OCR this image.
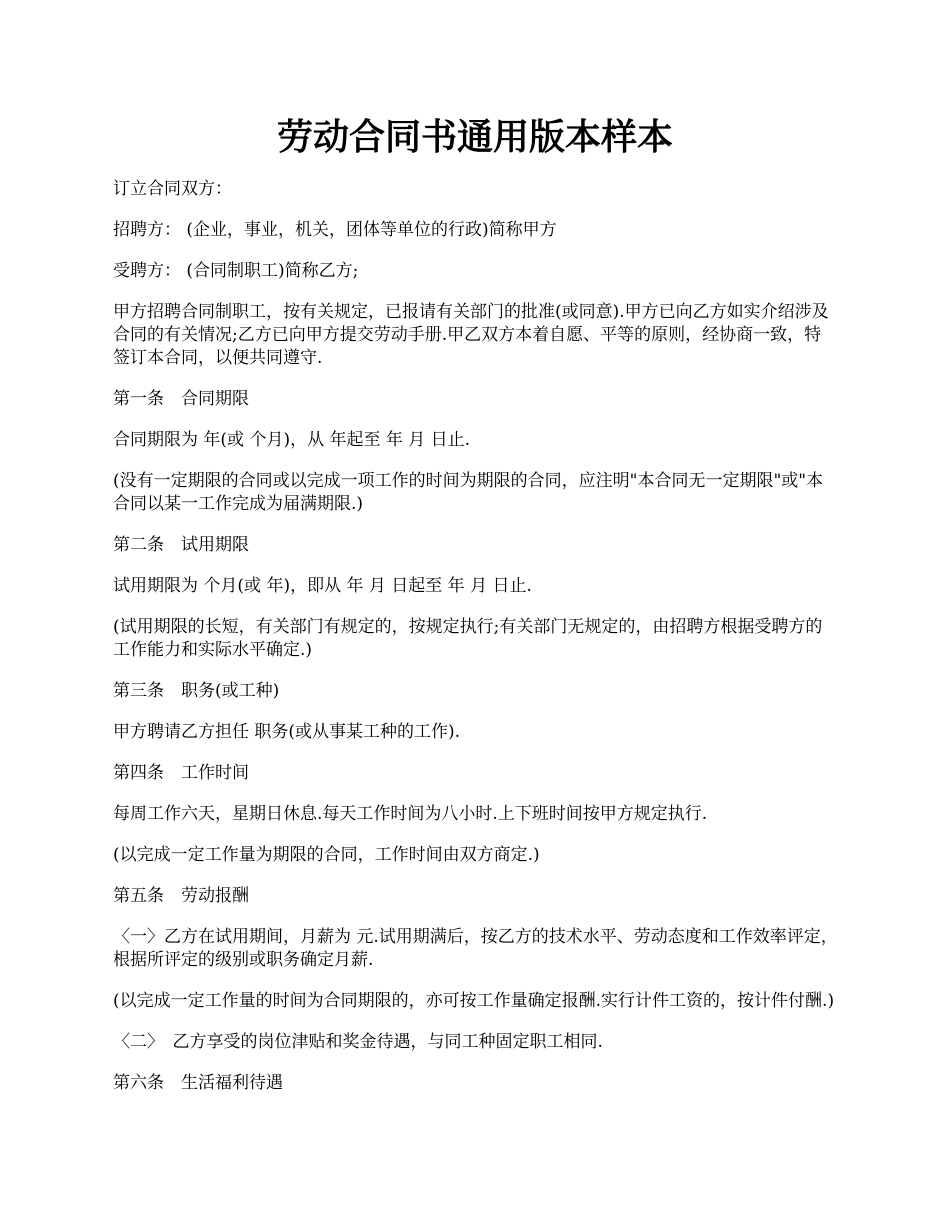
劳动合同书通用版本样本

订立合同双方：

招聘方： (企业，事业，机关，团体等单位的行政)简称甲方

受聘方： (合同制职工)简称乙方;

甲方招聘合同制职工，按有关规定，已报请有关部门的批准(或同意).甲方已向乙方如实介绍涉及合同的有关情况;乙方已向甲方提交劳动手册.甲乙双方本着自愿、平等的原则，经协商一致，特签订本合同，以便共同遵守.

第一条　合同期限

合同期限为 年(或 个月)，从 年起至 年 月 日止.

(没有一定期限的合同或以完成一项工作的时间为期限的合同，应注明"本合同无一定期限"或"本合同以某一工作完成为届满期限.)

第二条　试用期限

试用期限为 个月(或 年)，即从 年 月 日起至 年 月 日止.

(试用期限的长短，有关部门有规定的，按规定执行;有关部门无规定的，由招聘方根据受聘方的工作能力和实际水平确定.)

第三条　职务(或工种)

甲方聘请乙方担任 职务(或从事某工种的工作).

第四条　工作时间

每周工作六天，星期日休息.每天工作时间为八小时.上下班时间按甲方规定执行.

(以完成一定工作量为期限的合同，工作时间由双方商定.)

第五条　劳动报酬

〈一〉乙方在试用期间，月薪为 元.试用期满后，按乙方的技术水平、劳动态度和工作效率评定，根据所评定的级别或职务确定月薪.

(以完成一定工作量的时间为合同期限的，亦可按工作量确定报酬.实行计件工资的，按计件付酬.)

〈二〉　乙方享受的岗位津贴和奖金待遇，与同工种固定职工相同.

第六条　生活福利待遇
